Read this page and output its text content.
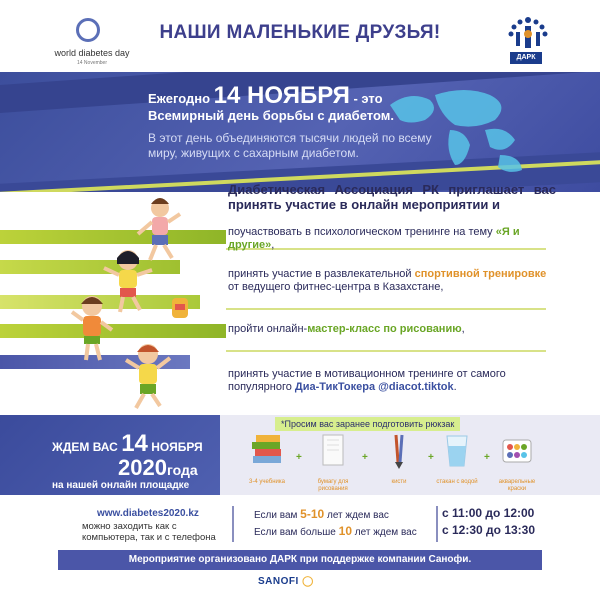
world diabetes day
14 November
НАШИ МАЛЕНЬКИЕ ДРУЗЬЯ!
ДАРК
Ежегодно 14 НОЯБРЯ - это
Всемирный день борьбы с диабетом.
В этот день объединяются тысячи людей по всему миру, живущих с сахарным диабетом.
Диабетическая Ассоциация РК приглашает вас принять участие в онлайн мероприятии и
поучаствовать в психологическом тренинге на тему «Я и другие»,
принять участие в развлекательной спортивной тренировке от ведущего фитнес-центра в Казахстане,
пройти онлайн-мастер-класс по рисованию,
принять участие в мотивационном тренинге от самого популярного Диа-ТикТокера @diacot.tiktok.
ЖДЕМ ВАС 14 НОЯБРЯ
2020года
на нашей онлайн площадке
*Просим вас заранее подготовить рюкзак
3-4 учебника
+
бумагу для рисования
+
кисти
+
стакан с водой
+
акварельные краски
www.diabetes2020.kz
можно заходить как с компьютера, так и с телефона
Если вам 5-10 лет ждем вас	с 11:00 до 12:00
Если вам больше 10 лет ждем вас с 12:30 до 13:30
Мероприятие организовано ДАРК при поддержке компании Санофи.
SANOFI ◯
